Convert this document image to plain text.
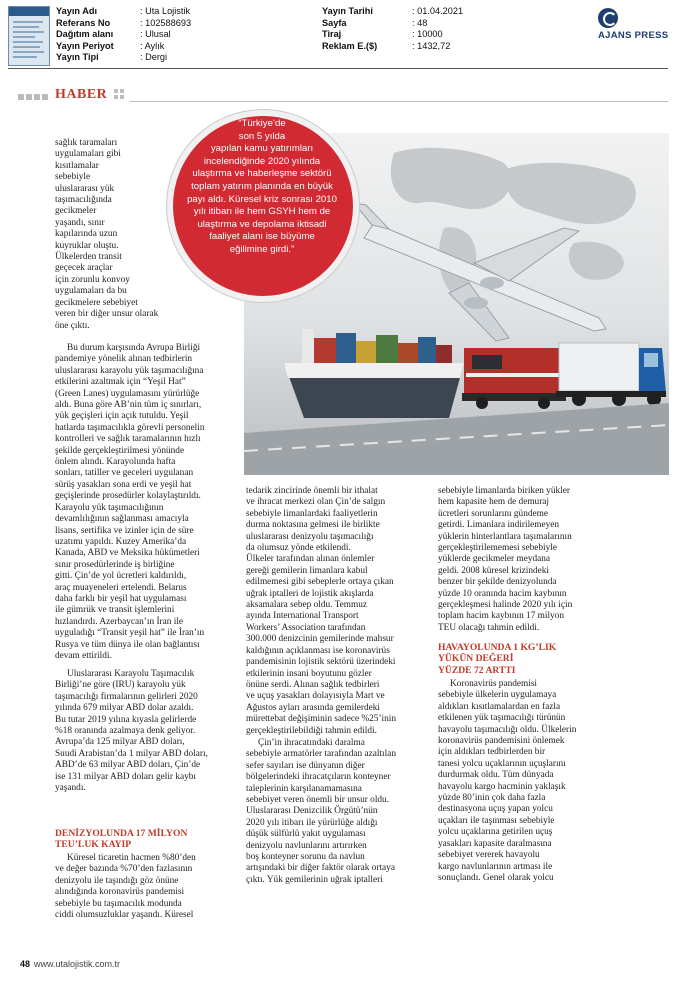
Yayın Adı	: Uta Lojistik
Referans No	: 102588693
Dağıtım alanı	: Ulusal
Yayın Periyot	: Aylık
Yayın Tipi	: Dergi
Yayın Tarihi	: 01.04.2021
Sayfa	: 48
Tiraj	: 10000
Reklam E.($)	: 1432,72
AJANS PRESS
HABER
“Türkiye’de
son 5 yılda
yapılan kamu yatırımları
incelendiğinde 2020 yılında
ulaştırma ve haberleşme sektörü
toplam yatırım planında en büyük
payı aldı. Küresel kriz sonrası 2010
yılı itibarı ile hem GSYH hem de
ulaştırma ve depolama iktisadi
faaliyet alanı ise büyüme
eğilimine girdi.”
sağlık taramaları
uygulamaları gibi
kısıtlamalar
sebebiyle
uluslararası yük
taşımacılığında
gecikmeler
yaşandı, sınır
kapılarında uzun
kuyruklar oluştu.
Ülkelerden transit
geçecek araçlar
için zorunlu konvoy
uygulamaları da bu
gecikmelere sebebiyet
veren bir diğer unsur olarak
öne çıktı.
Bu durum karşısında Avrupa Birliği
pandemiye yönelik alınan tedbirlerin
uluslararası karayolu yük taşımacılığına
etkilerini azaltmak için “Yeşil Hat”
(Green Lanes) uygulamasını yürürlüğe
aldı. Buna göre AB’nin tüm iç sınırları,
yük geçişleri için açık tutuldu. Yeşil
hatlarda taşımacılıkla görevli personelin
kontrolleri ve sağlık taramalarının hızlı
şekilde gerçekleştirilmesi yönünde
önlem alındı. Karayolunda hafta
sonları, tatiller ve geceleri uygulanan
sürüş yasakları sona erdi ve yeşil hat
geçişlerinde prosedürler kolaylaştırıldı.
Karayolu yük taşımacılığının
devamlılığının sağlanması amacıyla
lisans, sertifika ve izinler için de süre
uzatımı yapıldı. Kuzey Amerika’da
Kanada, ABD ve Meksika hükümetleri
sınır prosedürlerinde iş birliğine
gitti. Çin’de yol ücretleri kaldırıldı,
araç muayeneleri ertelendi. Belarus
daha farklı bir yeşil hat uygulaması
ile gümrük ve transit işlemlerini
hızlandırdı. Azerbaycan’ın İran ile
uyguladığı “Transit yeşil hat” ile İran’ın
Rusya ve tüm dünya ile olan bağlantısı
devam ettirildi.
Uluslararası Karayolu Taşımacılık
Birliği’ne göre (IRU) karayolu yük
taşımacılığı firmalarının gelirleri 2020
yılında 679 milyar ABD dolar azaldı.
Bu tutar 2019 yılına kıyasla gelirlerde
%18 oranında azalmaya denk geliyor.
Avrupa’da 125 milyar ABD doları,
Suudi Arabistan’da 1 milyar ABD doları,
ABD’de 63 milyar ABD doları, Çin’de
ise 131 milyar ABD doları gelir kaybı
yaşandı.
DENİZYOLUNDA 17 MİLYON
TEU’LUK KAYIP
Küresel ticaretin hacmen %80’den
ve değer bazında %70’den fazlasının
denizyolu ile taşındığı göz önüne
alındığında koronavirüs pandemisi
sebebiyle bu taşımacılık modunda
ciddi olumsuzluklar yaşandı. Küresel
tedarik zincirinde önemli bir ithalat
ve ihracat merkezi olan Çin’de salgın
sebebiyle limanlardaki faaliyetlerin
durma noktasına gelmesi ile birlikte
uluslararası denizyolu taşımacılığı
da olumsuz yönde etkilendi.
Ülkeler tarafından alınan önlemler
gereği gemilerin limanlara kabul
edilmemesi gibi sebeplerle ortaya çıkan
uğrak iptalleri de lojistik akışlarda
aksamalara sebep oldu. Temmuz
ayında International Transport
Workers’ Association tarafından
300.000 denizcinin gemilerinde mahsur
kaldığının açıklanması ise koronavirüs
pandemisinin lojistik sektörü üzerindeki
etkilerinin insani boyutunu gözler
önüne serdi. Alınan sağlık tedbirleri
ve uçuş yasakları dolayısıyla Mart ve
Ağustos ayları arasında gemilerdeki
mürettebat değişiminin sadece %25’inin
gerçekleştirilebildiği tahmin edildi.
Çin’in ihracatındaki daralma
sebebiyle armatörler tarafından azaltılan
sefer sayıları ise dünyanın diğer
bölgelerindeki ihracatçıların konteyner
taleplerinin karşılanamamasına
sebebiyet veren önemli bir unsur oldu.
Uluslararası Denizcilik Örgütü’nün
2020 yılı itibarı ile yürürlüğe aldığı
düşük sülfürlü yakıt uygulaması
denizyolu navlunlarını artırırken
boş konteyner sorunu da navlun
artışındaki bir diğer faktör olarak ortaya
çıktı. Yük gemilerinin uğrak iptalleri
sebebiyle limanlarda biriken yükler
hem kapasite hem de demuraj
ücretleri sorunlarını gündeme
getirdi. Limanlara indirilemeyen
yüklerin hinterlantlara taşımalarının
gerçekleştirilememesi sebebiyle
yüklerde gecikmeler meydana
geldi. 2008 küresel krizindeki
benzer bir şekilde denizyolunda
yüzde 10 oranında hacim kaybının
gerçekleşmesi halinde 2020 yılı için
toplam hacim kaybının 17 milyon
TEU olacağı tahmin edildi.
HAVAYOLUNDA 1 KG’LIK
YÜKÜN DEĞERİ
YÜZDE 72 ARTTI
Koronavirüs pandemisi
sebebiyle ülkelerin uygulamaya
aldıkları kısıtlamalardan en fazla
etkilenen yük taşımacılığı türünün
havayolu taşımacılığı oldu. Ülkelerin
koronavirüs pandemisini önlemek
için aldıkları tedbirlerden bir
tanesi yolcu uçaklarının uçuşlarını
durdurmak oldu. Tüm dünyada
havayolu kargo hacminin yaklaşık
yüzde 80’inin çok daha fazla
destinasyona uçuş yapan yolcu
uçakları ile taşınması sebebiyle
yolcu uçaklarına getirilen uçuş
yasakları kapasite daralmasına
sebebiyet vererek havayolu
kargo navlunlarının artması ile
sonuçlandı. Genel olarak yolcu
48 www.utalojistik.com.tr
